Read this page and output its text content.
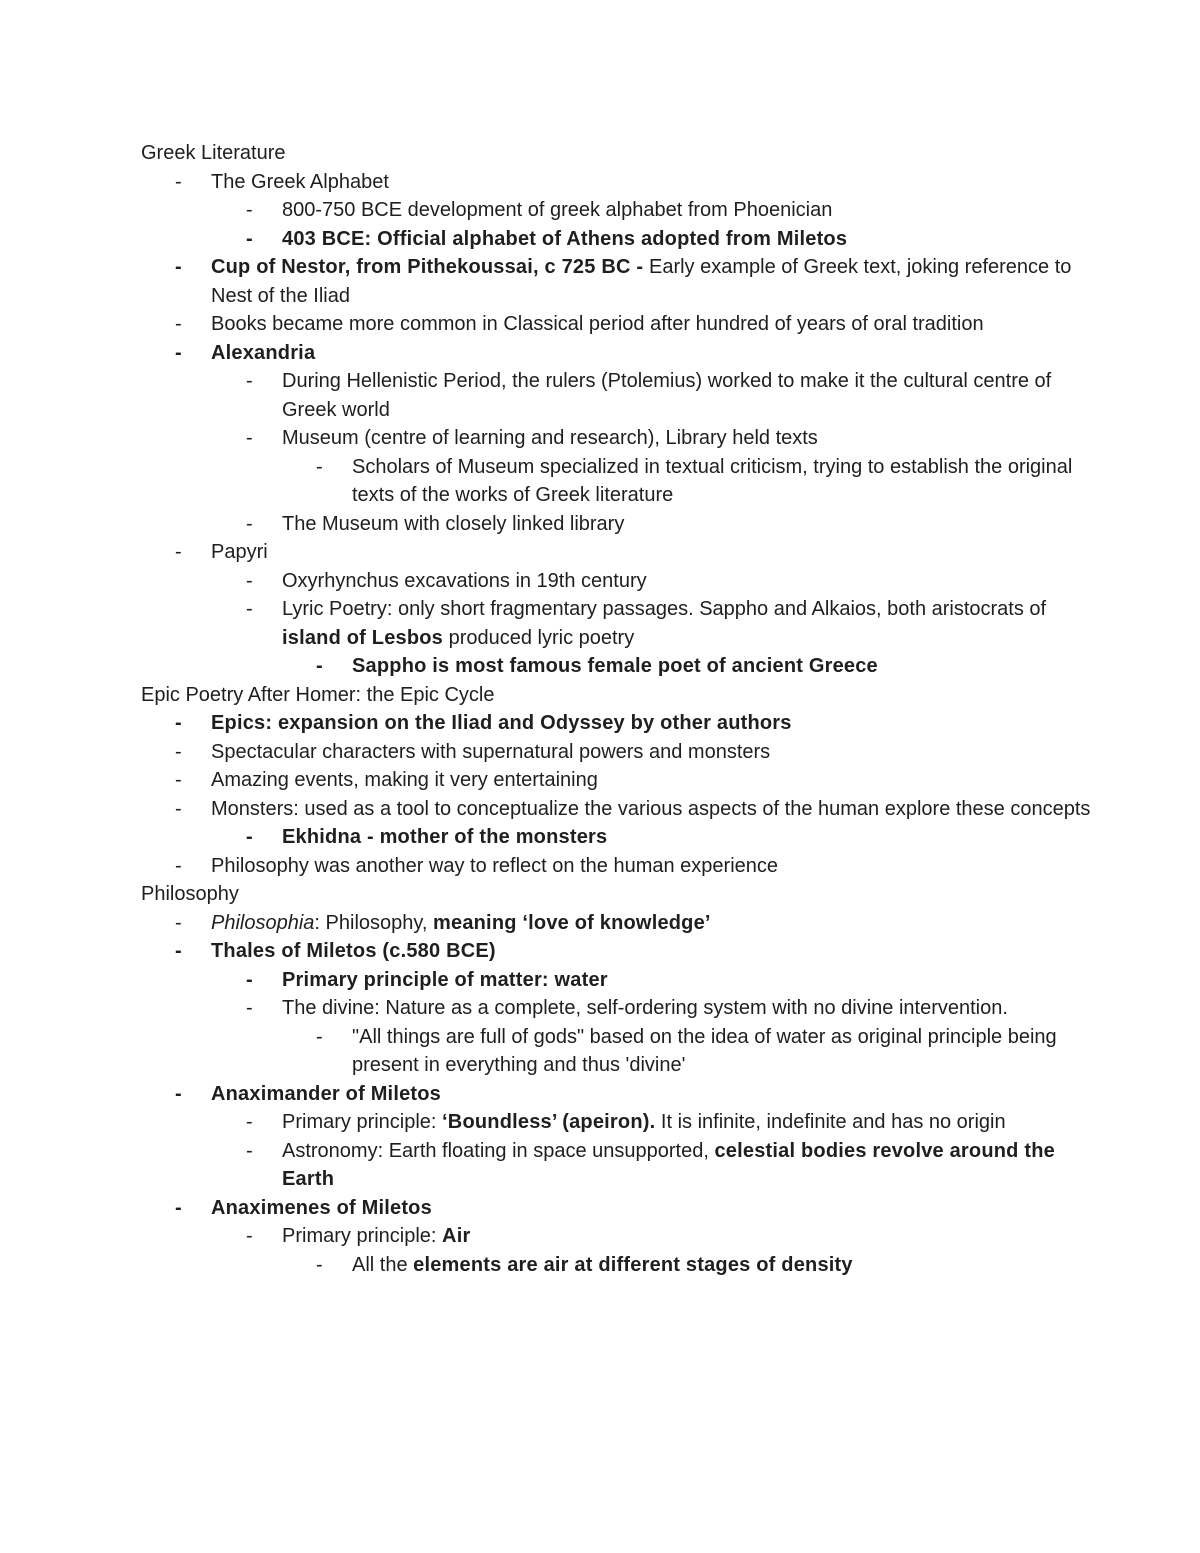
Greek Literature
- The Greek Alphabet
- 800-750 BCE development of greek alphabet from Phoenician
- 403 BCE: Official alphabet of Athens adopted from Miletos
- Cup of Nestor, from Pithekoussai, c 725 BC - Early example of Greek text, joking reference to Nest of the Iliad
- Books became more common in Classical period after hundred of years of oral tradition
- Alexandria
- During Hellenistic Period, the rulers (Ptolemius) worked to make it the cultural centre of Greek world
- Museum (centre of learning and research), Library held texts
- Scholars of Museum specialized in textual criticism, trying to establish the original texts of the works of Greek literature
- The Museum with closely linked library
- Papyri
- Oxyrhynchus excavations in 19th century
- Lyric Poetry: only short fragmentary passages. Sappho and Alkaios, both aristocrats of island of Lesbos produced lyric poetry
- Sappho is most famous female poet of ancient Greece
Epic Poetry After Homer: the Epic Cycle
- Epics: expansion on the Iliad and Odyssey by other authors
- Spectacular characters with supernatural powers and monsters
- Amazing events, making it very entertaining
- Monsters: used as a tool to conceptualize the various aspects of the human explore these concepts
- Ekhidna - mother of the monsters
- Philosophy was another way to reflect on the human experience
Philosophy
- Philosophia: Philosophy, meaning ‘love of knowledge’
- Thales of Miletos (c.580 BCE)
- Primary principle of matter: water
- The divine: Nature as a complete, self-ordering system with no divine intervention.
- "All things are full of gods" based on the idea of water as original principle being present in everything and thus 'divine'
- Anaximander of Miletos
- Primary principle: ‘Boundless’ (apeiron). It is infinite, indefinite and has no origin
- Astronomy: Earth floating in space unsupported, celestial bodies revolve around the Earth
- Anaximenes of Miletos
- Primary principle: Air
- All the elements are air at different stages of density
